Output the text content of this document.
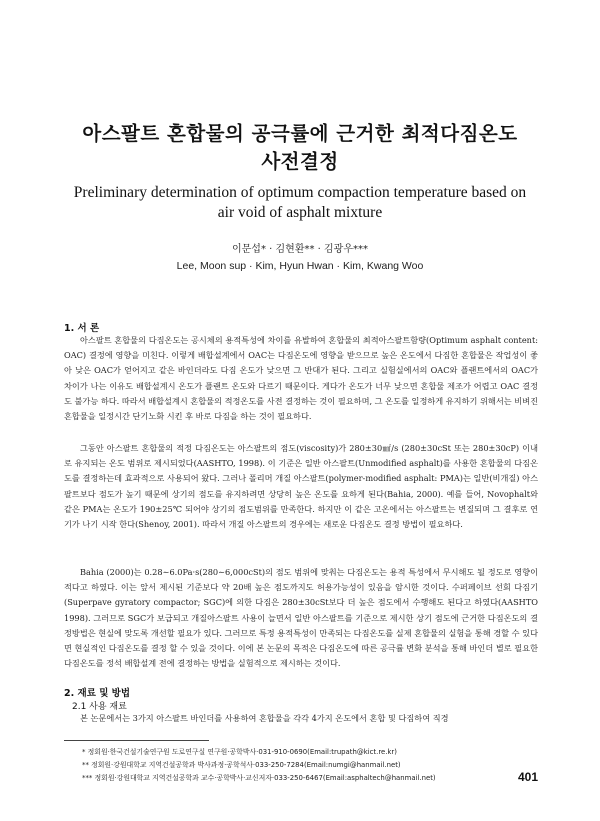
아스팔트 혼합물의 공극률에 근거한 최적다짐온도
사전결정
Preliminary determination of optimum compaction temperature based on
air void of asphalt mixture
이문섭* · 김현환** · 김광우***
Lee, Moon sup · Kim, Hyun Hwan · Kim, Kwang Woo
1. 서 론

아스팔트 혼합물의 다짐온도는 공시체의 용적특성에 차이를 유발하여 혼합물의 최적아스팔트함량(Optimum asphalt content: OAC) 결정에 영향을 미친다. 이렇게 배합설계에서 OAC는 다짐온도에 영향을 받으므로 높은 온도에서 다짐한 혼합물은 작업성이 좋아 낮은 OAC가 얻어지고 같은 바인더라도 다짐 온도가 낮으면 그 반대가 된다. 그리고 실험실에서의 OAC와 플랜트에서의 OAC가 차이가 나는 이유도 배합설계시 온도가 플랜트 온도와 다르기 때문이다. 게다가 온도가 너무 낮으면 혼합물 제조가 어렵고 OAC 결정도 불가능 하다. 따라서 배합설계시 혼합물의 적정온도를 사전 결정하는 것이 필요하며, 그 온도를 일정하게 유지하기 위해서는 비벼진 혼합물을 일정시간 단기노화 시킨 후 바로 다짐을 하는 것이 필요하다.

그동안 아스팔트 혼합물의 적정 다짐온도는 아스팔트의 점도(viscosity)가 280±30㎟/s (280±30cSt 또는 280±30cP) 이내로 유지되는 온도 범위로 제시되었다(AASHTO, 1998). 이 기준은 일반 아스팔트(Unmodified asphalt)를 사용한 혼합물의 다짐온도를 결정하는데 효과적으로 사용되어 왔다. 그러나 폴리머 개질 아스팔트(polymer-modified asphalt: PMA)는 일반(비개질) 아스팔트보다 점도가 높기 때문에 상기의 점도를 유지하려면 상당히 높은 온도를 요하게 된다(Bahia, 2000). 예를 들어, Novophalt와 같은 PMA는 온도가 190±25℃ 되어야 상기의 점도범위를 만족한다. 하지만 이 같은 고온에서는 아스팔트는 변질되며 그 결후로 연기가 나기 시작 한다(Shenoy, 2001). 따라서 개질 아스팔트의 경우에는 새로운 다짐온도 결정 방법이 필요하다.

Bahia (2000)는 0.28∼6.0Pa·s(280∼6,000cSt)의 점도 범위에 맞춰는 다짐온도는 용적 특성에서 무시해도 될 정도로 영향이 적다고 하였다. 이는 앞서 제시된 기준보다 약 20배 높은 점도까지도 허용가능성이 있음을 암시한 것이다. 수퍼페이브 선회 다짐기(Superpave gyratory compactor; SGC)에 의한 다짐은 280±30cSt보다 더 높은 점도에서 수행해도 된다고 하였다(AASHTO 1998). 그러므로 SGC가 보급되고 개질아스팔트 사용이 늘면서 일반 아스팔트를 기준으로 제시한 상기 점도에 근거한 다짐온도의 결정방법은 현실에 맞도록 개선할 필요가 있다. 그러므로 특정 용적특성이 만족되는 다짐온도를 실제 혼합물의 실험을 통해 경할 수 있다면 현실적인 다짐온도를 결정 할 수 있을 것이다. 이에 본 논문의 목적은 다짐온도에 따른 공극률 변화 분석을 통해 바인더 별로 필요한 다짐온도를 정석 배합설계 전에 결정하는 방법을 실험적으로 제시하는 것이다.

2. 재료 및 방법
2.1 사용 재료

본 논문에서는 3가지 아스팔트 바인더를 사용하여 혼합물을 각각 4가지 온도에서 혼합 및 다짐하여 직경

* 정회원·한국건설기술연구원 도로연구실 연구원·공학박사·031-910-0690(Email:trupath@kict.re.kr)
** 정회원·강원대학교 지역건설공학과 박사과정·공학석사·033-250-7284(Email:numgi@hanmail.net)
*** 정회원·강원대학교 지역건설공학과 교수·공학박사·교신저자·033-250-6467(Email:asphaltech@hanmail.net)	401
